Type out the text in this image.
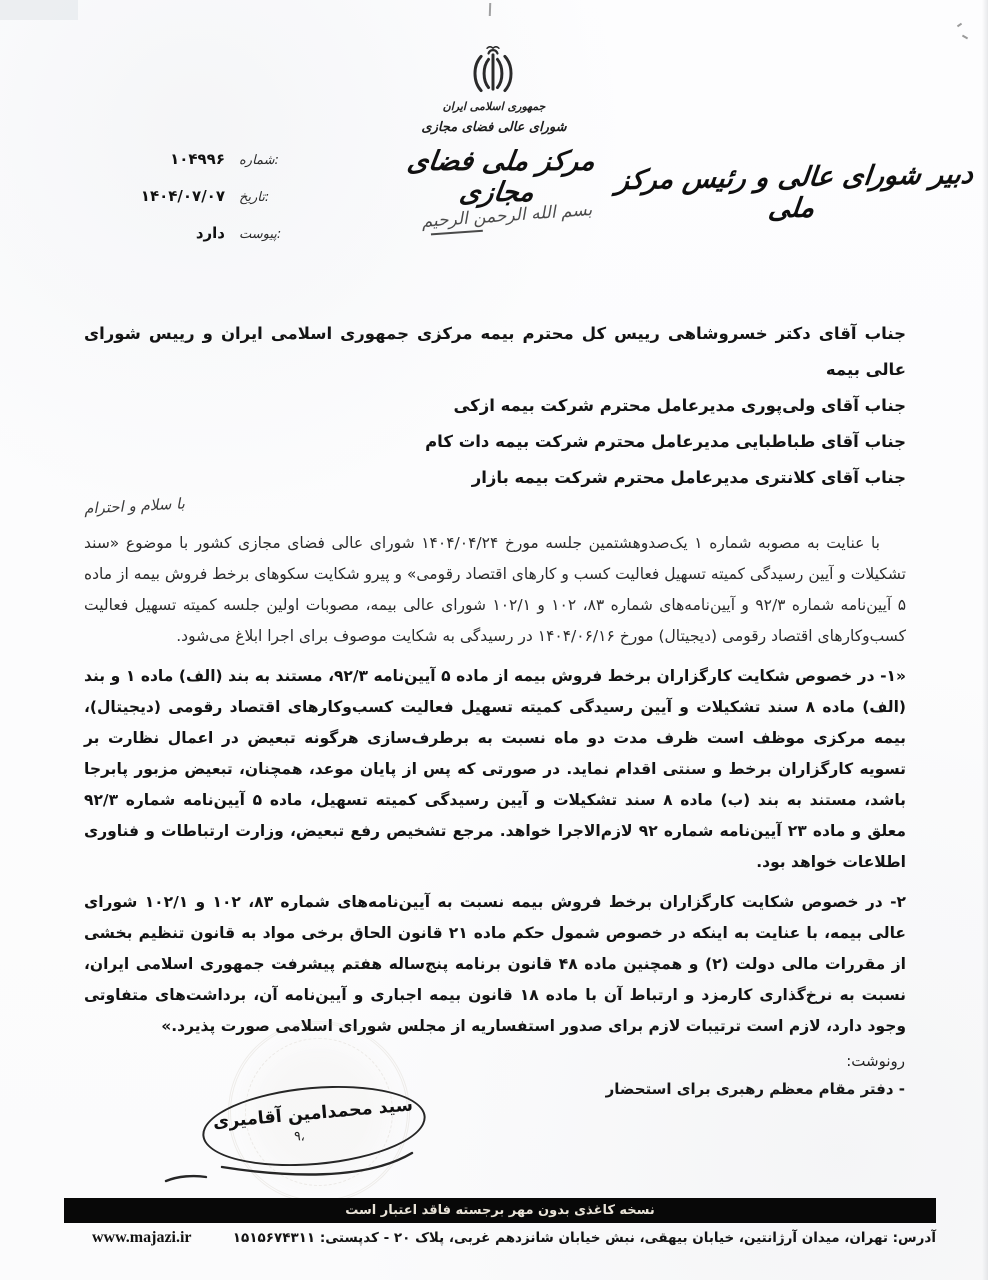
جمهوری اسلامی ایران
شورای عالی فضای مجازی
مرکز ملی فضای مجازی
بسم الله الرحمن الرحیم
دبیر شورای عالی و رئیس مرکز ملی
شماره:
۱۰۴۹۹۶
تاریخ:
۱۴۰۴/۰۷/۰۷
پیوست:
دارد

جناب آقای دکتر خسروشاهی رییس کل محترم بیمه مرکزی جمهوری اسلامی ایران و رییس شورای عالی بیمه

جناب آقای ولی‌پوری مدیرعامل محترم شرکت بیمه ازکی

جناب آقای طباطبایی مدیرعامل محترم شرکت بیمه دات کام

جناب آقای کلانتری مدیرعامل محترم شرکت بیمه بازار

با سلام و احترام

با عنایت به مصوبه شماره ۱ یک‌صدوهشتمین جلسه مورخ ۱۴۰۴/۰۴/۲۴ شورای عالی فضای مجازی کشور با موضوع «سند تشکیلات و آیین رسیدگی کمیته تسهیل فعالیت کسب و کارهای اقتصاد رقومی» و پیرو شکایت سکوهای برخط فروش بیمه از ماده ۵ آیین‌نامه شماره ۹۲/۳ و آیین‌نامه‌های شماره ۸۳، ۱۰۲ و ۱۰۲/۱ شورای عالی بیمه، مصوبات اولین جلسه کمیته تسهیل فعالیت کسب‌وکارهای اقتصاد رقومی (دیجیتال) مورخ ۱۴۰۴/۰۶/۱۶ در رسیدگی به شکایت موصوف برای اجرا ابلاغ می‌شود.

«۱- در خصوص شکایت کارگزاران برخط فروش بیمه از ماده ۵ آیین‌نامه ۹۲/۳، مستند به بند (الف) ماده ۱ و بند (الف) ماده ۸ سند تشکیلات و آیین رسیدگی کمیته تسهیل فعالیت کسب‌وکارهای اقتصاد رقومی (دیجیتال)، بیمه مرکزی موظف است ظرف مدت دو ماه نسبت به برطرف‌سازی هرگونه تبعیض در اعمال نظارت بر تسویه کارگزاران برخط و سنتی اقدام نماید. در صورتی که پس از پایان موعد، همچنان، تبعیض مزبور پابرجا باشد، مستند به بند (ب) ماده ۸ سند تشکیلات و آیین رسیدگی کمیته تسهیل، ماده ۵ آیین‌نامه شماره ۹۲/۳ معلق و ماده ۲۳ آیین‌نامه شماره ۹۲ لازم‌الاجرا خواهد. مرجع تشخیص رفع تبعیض، وزارت ارتباطات و فناوری اطلاعات خواهد بود.

۲- در خصوص شکایت کارگزاران برخط فروش بیمه نسبت به آیین‌نامه‌های شماره ۸۳، ۱۰۲ و ۱۰۲/۱ شورای عالی بیمه، با عنایت به اینکه در خصوص شمول حکم ماده ۲۱ قانون الحاق برخی مواد به قانون تنظیم بخشی از مقررات مالی دولت (۲) و همچنین ماده ۴۸ قانون برنامه پنج‌ساله هفتم پیشرفت جمهوری اسلامی ایران، نسبت به نرخ‌گذاری کارمزد و ارتباط آن با ماده ۱۸ قانون بیمه اجباری و آیین‌نامه آن، برداشت‌های متفاوتی وجود دارد، لازم است ترتیبات لازم برای صدور استفساریه از مجلس شورای اسلامی صورت پذیرد.»

رونوشت:

- دفتر مقام معظم رهبری برای استحضار

سید محمدامین آقامیری
۹،
نسخه کاغذی بدون مهر برجسته فاقد اعتبار است
www.majazi.ir	آدرس: تهران، میدان آرژانتین، خیابان بیهقی، نبش خیابان شانزدهم غربی، پلاک ۲۰ - کدپستی: ۱۵۱۵۶۷۴۳۱۱
